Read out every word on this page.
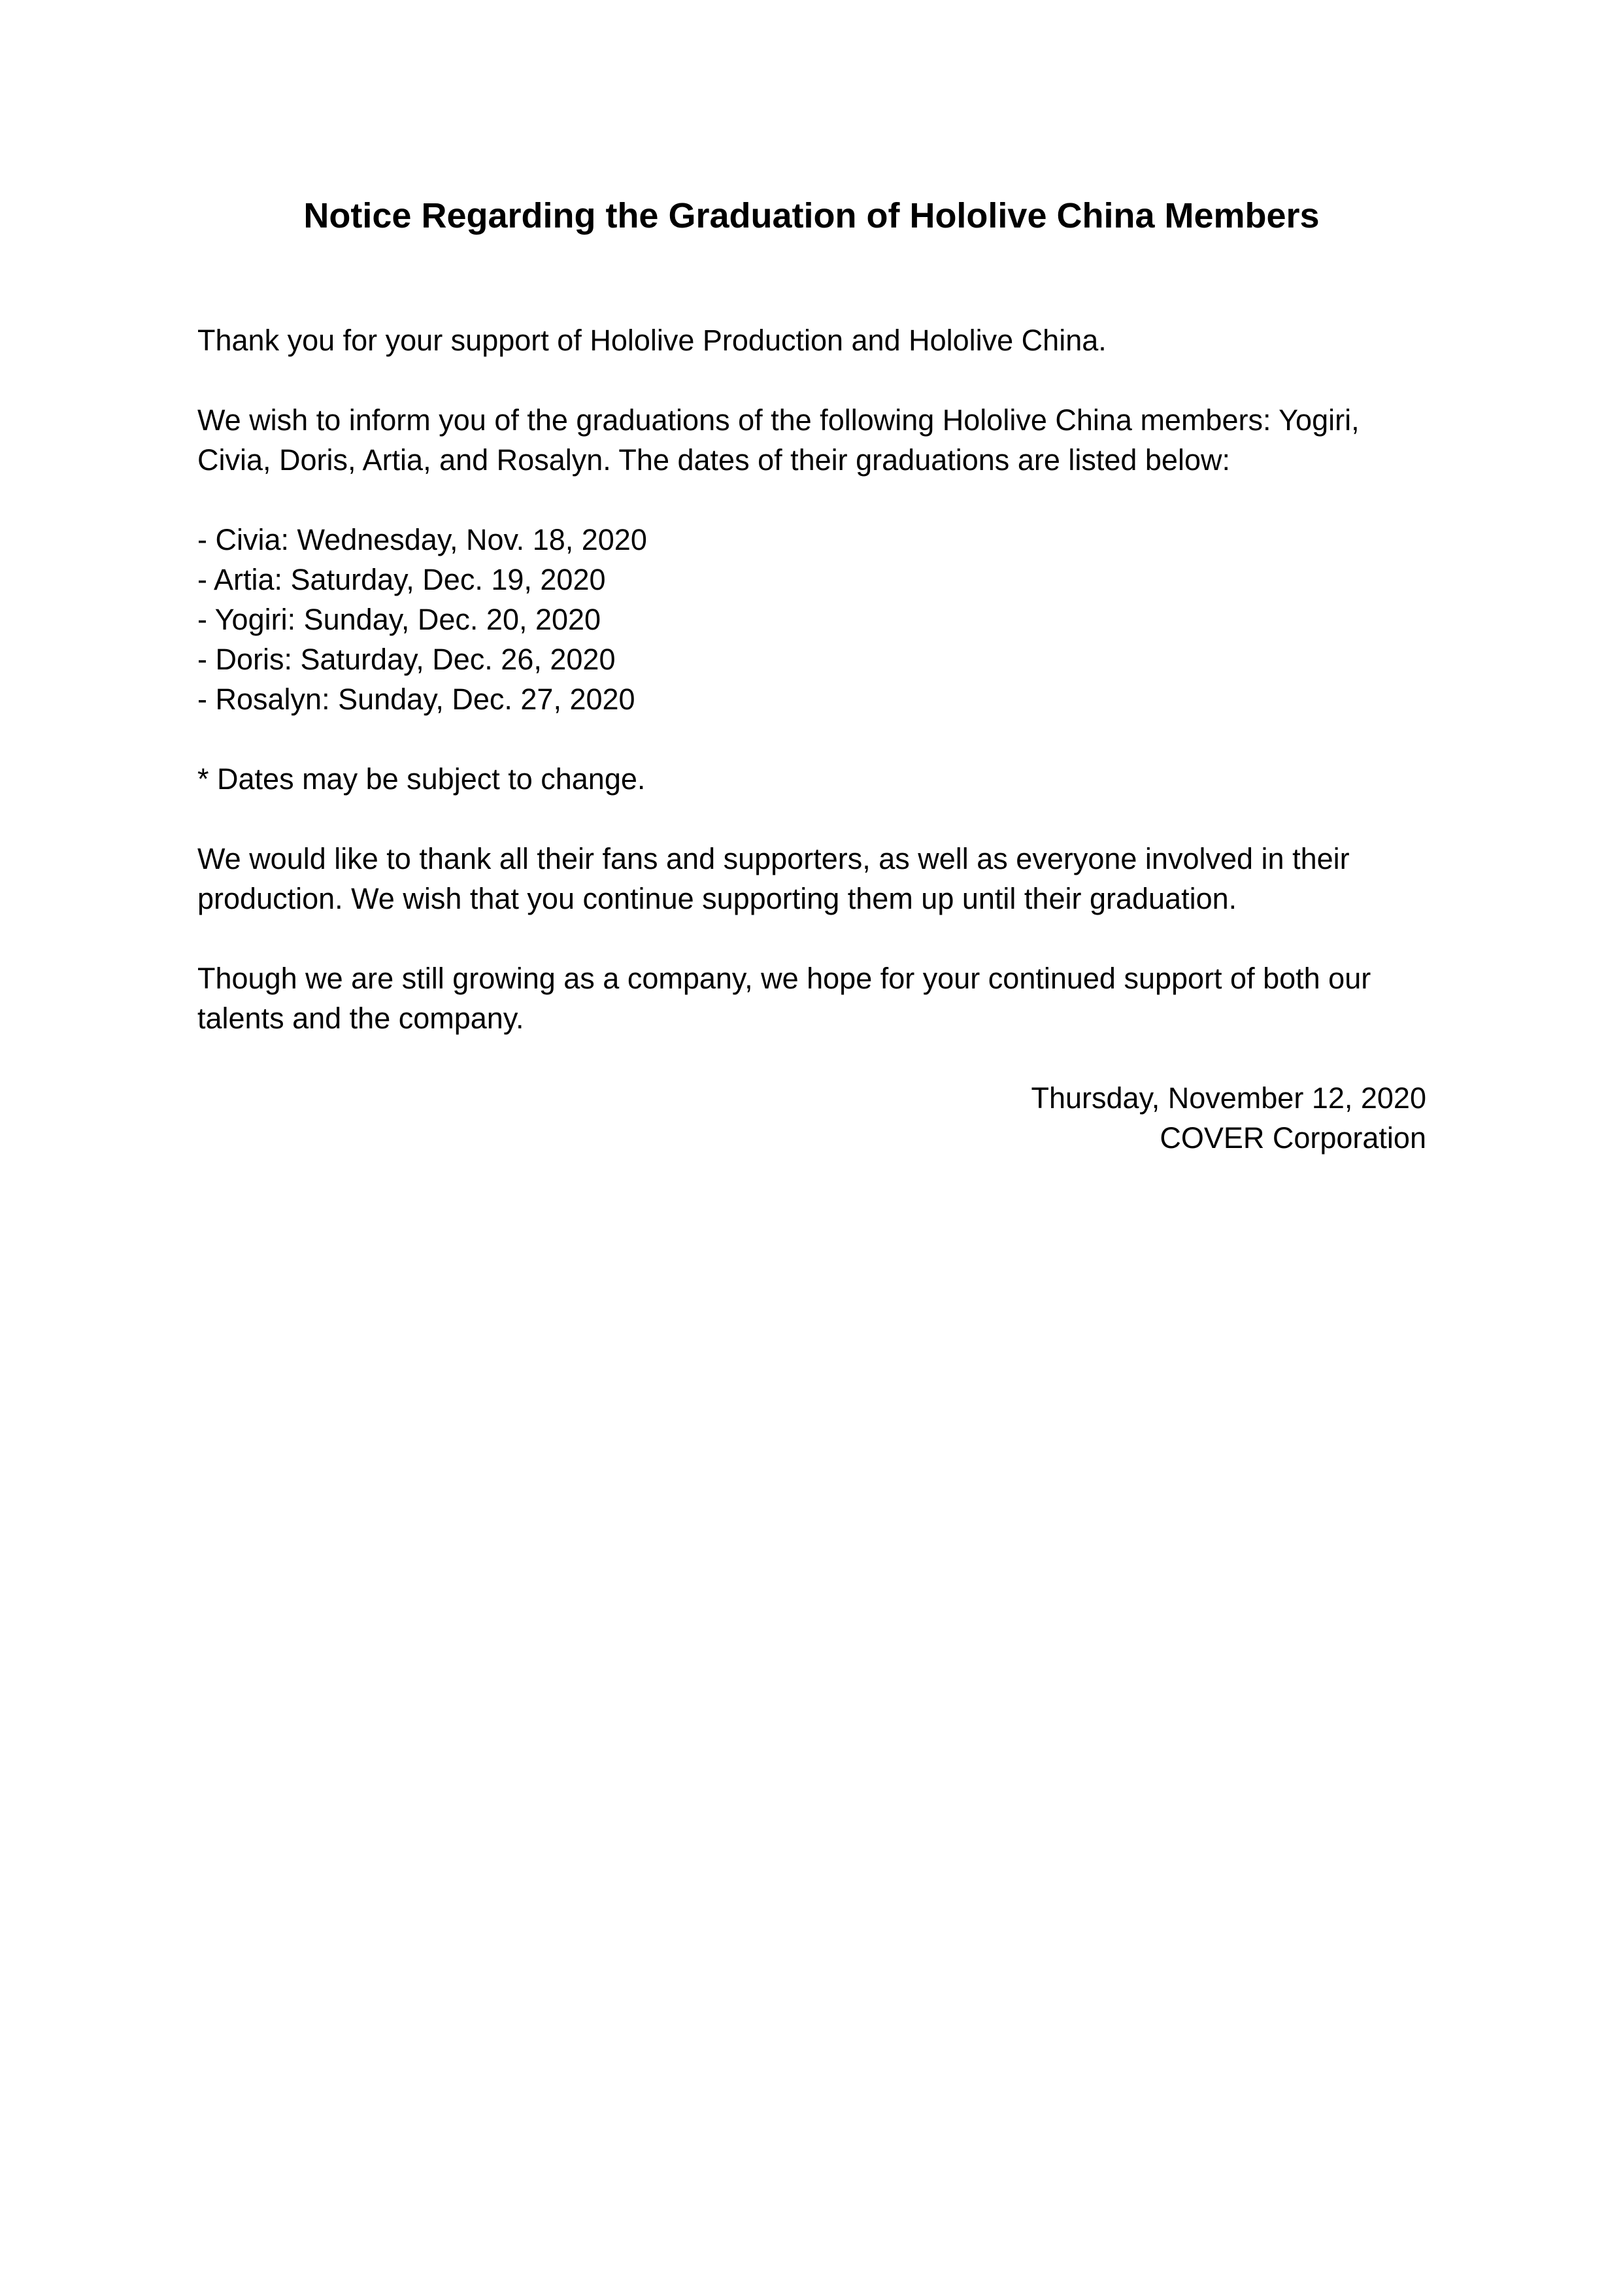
Notice Regarding the Graduation of Hololive China Members

Thank you for your support of Hololive Production and Hololive China.

We wish to inform you of the graduations of the following Hololive China members: Yogiri,
Civia, Doris, Artia, and Rosalyn. The dates of their graduations are listed below:

- Civia: Wednesday, Nov. 18, 2020
- Artia: Saturday, Dec. 19, 2020
- Yogiri: Sunday, Dec. 20, 2020
- Doris: Saturday, Dec. 26, 2020
- Rosalyn: Sunday, Dec. 27, 2020

* Dates may be subject to change.

We would like to thank all their fans and supporters, as well as everyone involved in their
production. We wish that you continue supporting them up until their graduation.

Though we are still growing as a company, we hope for your continued support of both our
talents and the company.

Thursday, November 12, 2020
COVER Corporation
